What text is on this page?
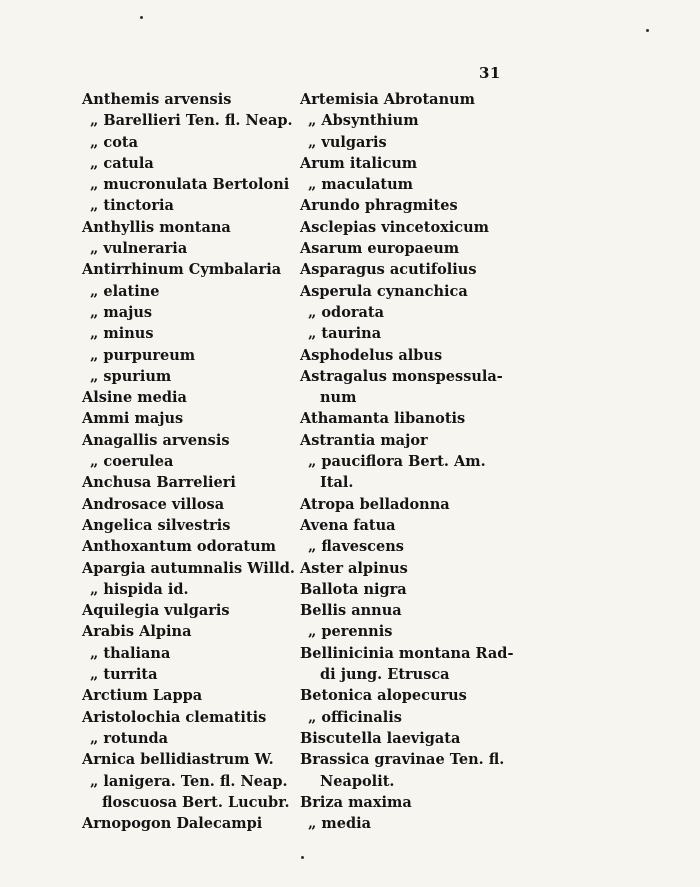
31
Anthemis arvensis
„ Barellieri Ten. fl. Neap.
„ cota
„ catula
„ mucronulata Bertoloni
„ tinctoria
Anthyllis montana
„ vulneraria
Antirrhinum Cymbalaria
„ elatine
„ majus
„ minus
„ purpureum
„ spurium
Alsine media
Ammi majus
Anagallis arvensis
„ coerulea
Anchusa Barrelieri
Androsace villosa
Angelica silvestris
Anthoxantum odoratum
Apargia autumnalis Willd.
„ hispida id.
Aquilegia vulgaris
Arabis Alpina
„ thaliana
„ turrita
Arctium Lappa
Aristolochia clematitis
„ rotunda
Arnica bellidiastrum W.
„ lanigera. Ten. fl. Neap.
floscuosa Bert. Lucubr.
Arnopogon Dalecampi
Artemisia Abrotanum
„ Absynthium
„ vulgaris
Arum italicum
„ maculatum
Arundo phragmites
Asclepias vincetoxicum
Asarum europaeum
Asparagus acutifolius
Asperula cynanchica
„ odorata
„ taurina
Asphodelus albus
Astragalus monspessula-
num
Athamanta libanotis
Astrantia major
„ pauciflora Bert. Am.
Ital.
Atropa belladonna
Avena fatua
„ flavescens
Aster alpinus
Ballota nigra
Bellis annua
„ perennis
Bellinicinia montana Rad-
di jung. Etrusca
Betonica alopecurus
„ officinalis
Biscutella laevigata
Brassica gravinae Ten. fl.
Neapolit.
Briza maxima
„ media
